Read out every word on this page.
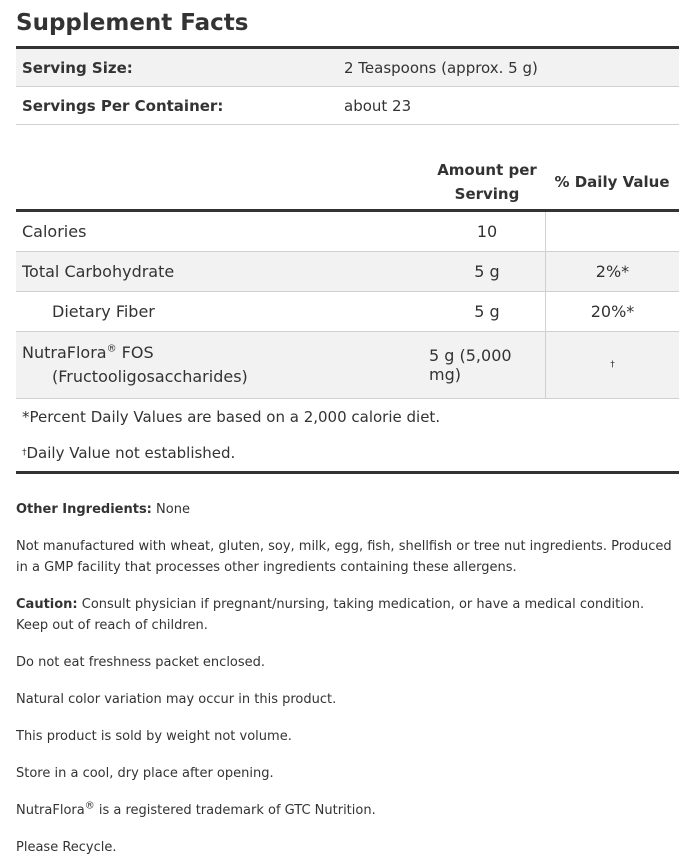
Supplement Facts
Serving Size:	2 Teaspoons (approx. 5 g)
Servings Per Container:	about 23
Amount per
Serving
% Daily Value
Calories	10
Total Carbohydrate	5 g	2%*
Dietary Fiber	5 g	20%*
NutraFlora® FOS
(Fructooligosaccharides)
5 g (5,000 mg)	†
*Percent Daily Values are based on a 2,000 calorie diet.
† Daily Value not established.

Other Ingredients: None

Not manufactured with wheat, gluten, soy, milk, egg, fish, shellfish or tree nut ingredients. Produced in a GMP facility that processes other ingredients containing these allergens.

Caution: Consult physician if pregnant/nursing, taking medication, or have a medical condition. Keep out of reach of children.

Do not eat freshness packet enclosed.

Natural color variation may occur in this product.

This product is sold by weight not volume.

Store in a cool, dry place after opening.

NutraFlora® is a registered trademark of GTC Nutrition.

Please Recycle.
